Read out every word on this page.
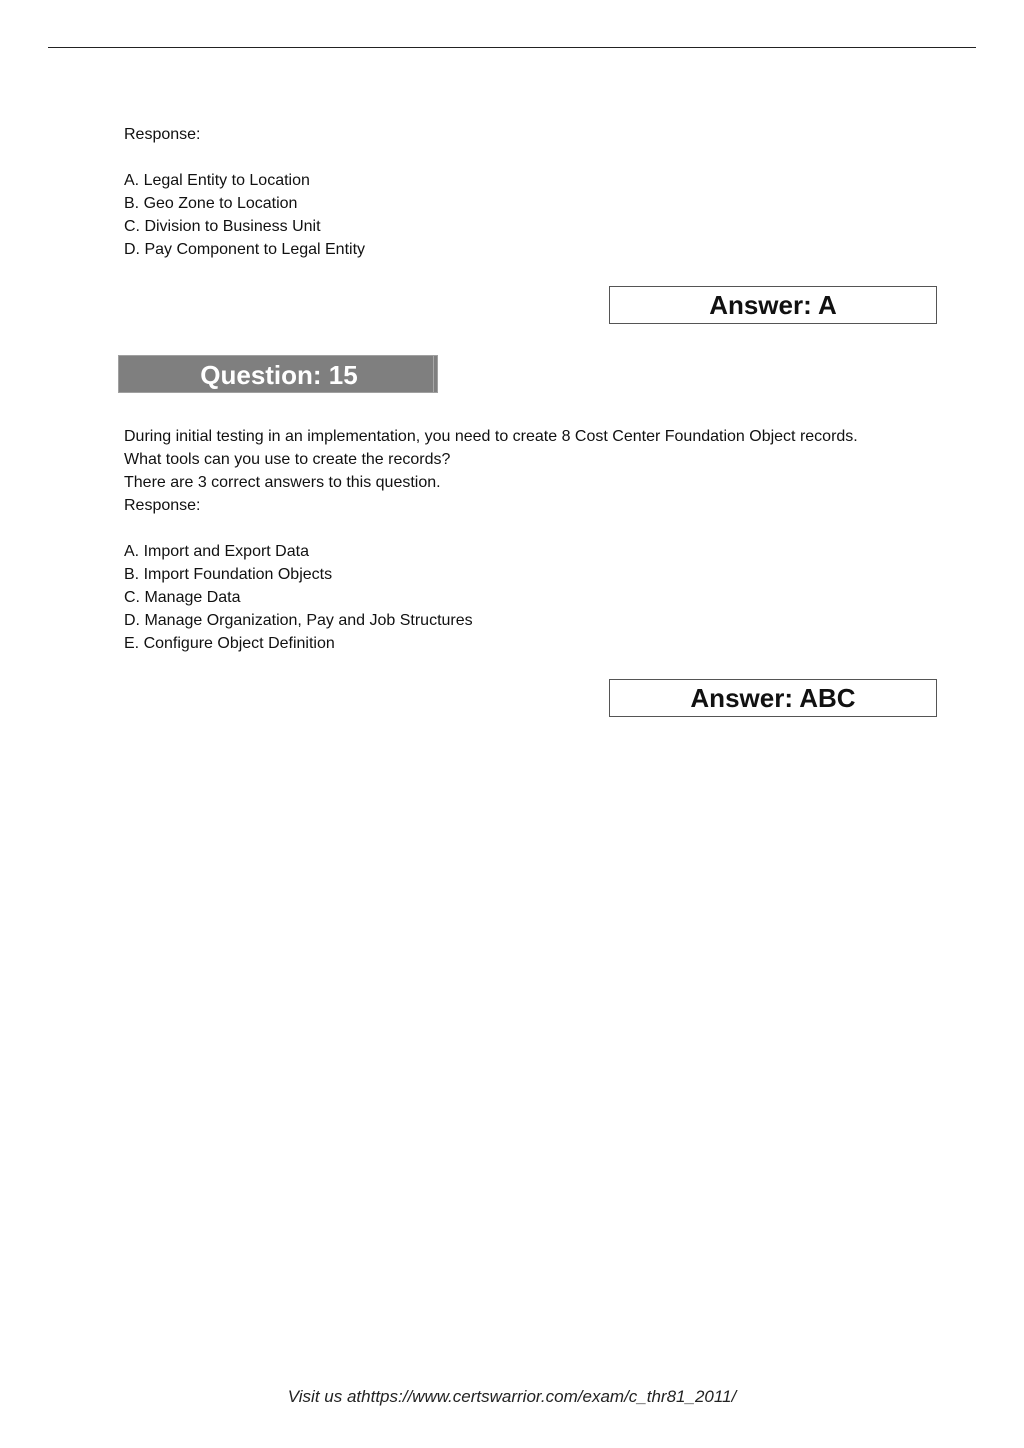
Response:
A. Legal Entity to Location
B. Geo Zone to Location
C. Division to Business Unit
D. Pay Component to Legal Entity
Answer: A
Question: 15
During initial testing in an implementation, you need to create 8 Cost Center Foundation Object records.
What tools can you use to create the records?
There are 3 correct answers to this question.
Response:
A. Import and Export Data
B. Import Foundation Objects
C. Manage Data
D. Manage Organization, Pay and Job Structures
E. Configure Object Definition
Answer: ABC
Visit us athttps://www.certswarrior.com/exam/c_thr81_2011/
